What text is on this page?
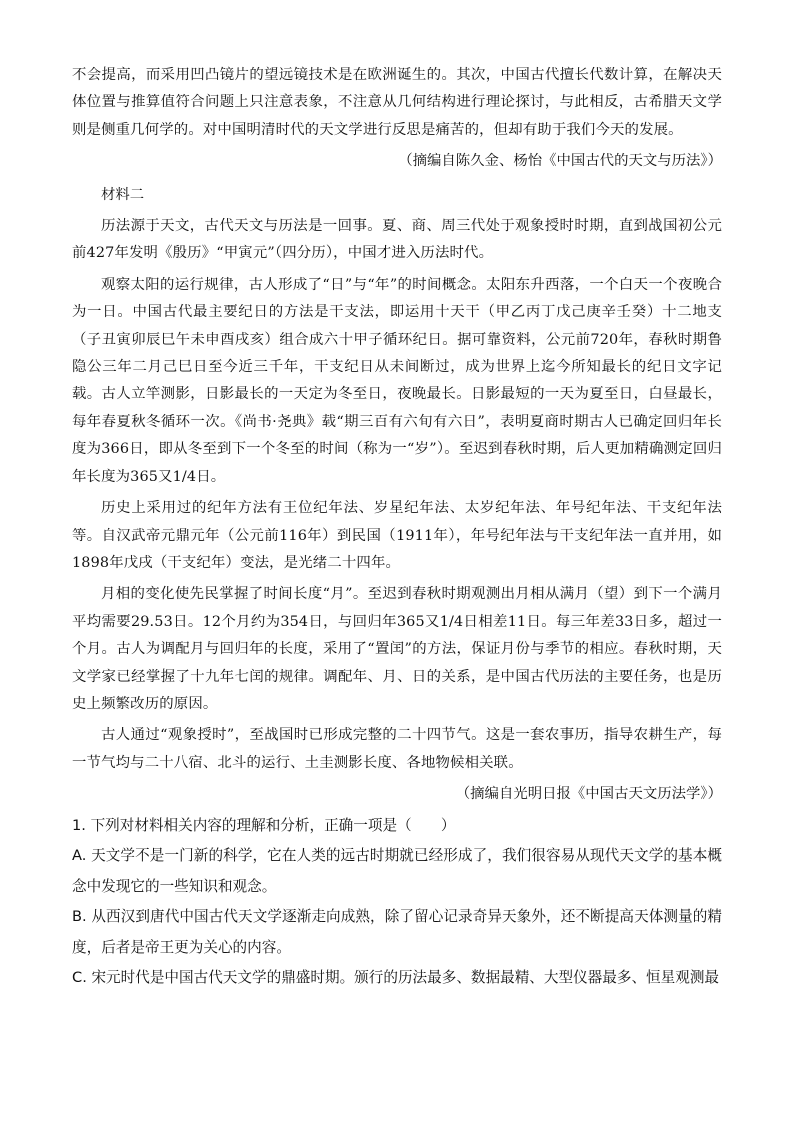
不会提高，而采用凹凸镜片的望远镜技术是在欧洲诞生的。其次，中国古代擅长代数计算，在解决天体位置与推算值符合问题上只注意表象，不注意从几何结构进行理论探讨，与此相反，古希腊天文学则是侧重几何学的。对中国明清时代的天文学进行反思是痛苦的，但却有助于我们今天的发展。

（摘编自陈久金、杨怡《中国古代的天文与历法》）

材料二

历法源于天文，古代天文与历法是一回事。夏、商、周三代处于观象授时时期，直到战国初公元前427年发明《殷历》“甲寅元”（四分历），中国才进入历法时代。

观察太阳的运行规律，古人形成了“日”与“年”的时间概念。太阳东升西落，一个白天一个夜晚合为一日。中国古代最主要纪日的方法是干支法，即运用十天干（甲乙丙丁戊己庚辛壬癸）十二地支（子丑寅卯辰巳午未申酉戌亥）组合成六十甲子循环纪日。据可靠资料，公元前720年，春秋时期鲁隐公三年二月己巳日至今近三千年，干支纪日从未间断过，成为世界上迄今所知最长的纪日文字记载。古人立竿测影，日影最长的一天定为冬至日，夜晚最长。日影最短的一天为夏至日，白昼最长，每年春夏秋冬循环一次。《尚书·尧典》载“期三百有六旬有六日”，表明夏商时期古人已确定回归年长度为366日，即从冬至到下一个冬至的时间（称为一“岁”）。至迟到春秋时期，后人更加精确测定回归年长度为365又1/4日。

历史上采用过的纪年方法有王位纪年法、岁星纪年法、太岁纪年法、年号纪年法、干支纪年法等。自汉武帝元鼎元年（公元前116年）到民国（1911年），年号纪年法与干支纪年法一直并用，如1898年戊戌（干支纪年）变法，是光绪二十四年。

月相的变化使先民掌握了时间长度“月”。至迟到春秋时期观测出月相从满月（望）到下一个满月平均需要29.53日。12个月约为354日，与回归年365又1/4日相差11日。每三年差33日多，超过一个月。古人为调配月与回归年的长度，采用了“置闰”的方法，保证月份与季节的相应。春秋时期，天文学家已经掌握了十九年七闰的规律。调配年、月、日的关系，是中国古代历法的主要任务，也是历史上频繁改历的原因。

古人通过“观象授时”，至战国时已形成完整的二十四节气。这是一套农事历，指导农耕生产，每一节气均与二十八宿、北斗的运行、土圭测影长度、各地物候相关联。

（摘编自光明日报《中国古天文历法学》）

1. 下列对材料相关内容的理解和分析，正确一项是（　　）

A. 天文学不是一门新的科学，它在人类的远古时期就已经形成了，我们很容易从现代天文学的基本概念中发现它的一些知识和观念。

B. 从西汉到唐代中国古代天文学逐渐走向成熟，除了留心记录奇异天象外，还不断提高天体测量的精度，后者是帝王更为关心的内容。

C. 宋元时代是中国古代天文学的鼎盛时期。颁行的历法最多、数据最精、大型仪器最多、恒星观测最
